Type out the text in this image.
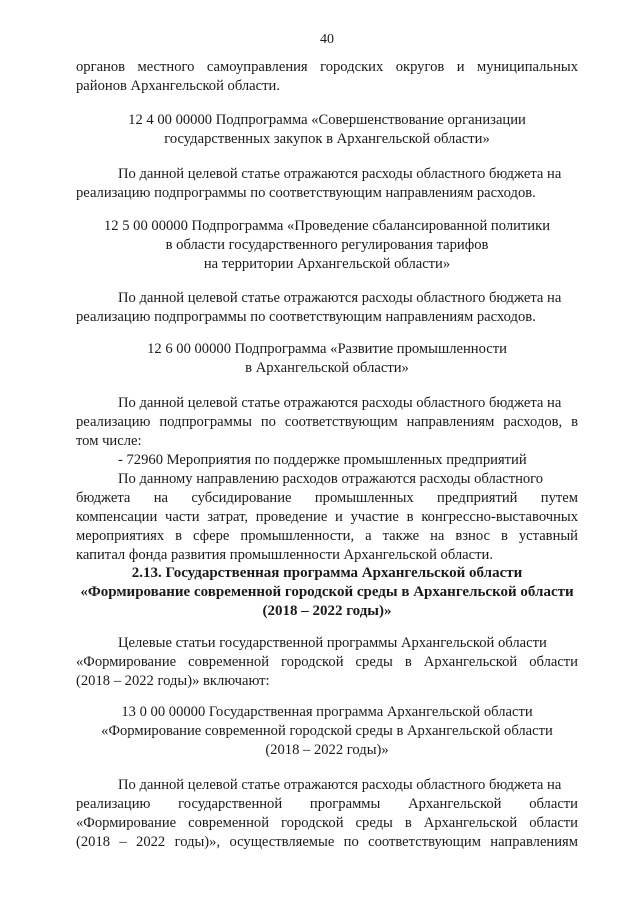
40
органов местного самоуправления городских округов и муниципальных
районов Архангельской области.
12 4 00 00000 Подпрограмма «Совершенствование организации
государственных закупок в Архангельской области»
По данной целевой статье отражаются расходы областного бюджета на
реализацию подпрограммы по соответствующим направлениям расходов.
12 5 00 00000 Подпрограмма «Проведение сбалансированной политики
в области государственного регулирования тарифов
на территории Архангельской области»
По данной целевой статье отражаются расходы областного бюджета на
реализацию подпрограммы по соответствующим направлениям расходов.
12 6 00 00000 Подпрограмма «Развитие промышленности
в Архангельской области»
По данной целевой статье отражаются расходы областного бюджета на
реализацию подпрограммы по соответствующим направлениям расходов, в
том числе:
- 72960 Мероприятия по поддержке промышленных предприятий
По данному направлению расходов отражаются расходы областного
бюджета на субсидирование промышленных предприятий путем
компенсации части затрат, проведение и участие в конгрессно-выставочных
мероприятиях в сфере промышленности, а также на взнос в уставный
капитал фонда развития промышленности Архангельской области.
2.13. Государственная программа Архангельской области
«Формирование современной городской среды в Архангельской области
(2018 – 2022 годы)»
Целевые статьи государственной программы Архангельской области
«Формирование современной городской среды в Архангельской области
(2018 – 2022 годы)» включают:
13 0 00 00000 Государственная программа Архангельской области
«Формирование современной городской среды в Архангельской области
(2018 – 2022 годы)»
По данной целевой статье отражаются расходы областного бюджета на
реализацию государственной программы Архангельской области
«Формирование современной городской среды в Архангельской области
(2018 – 2022 годы)», осуществляемые по соответствующим направлениям
